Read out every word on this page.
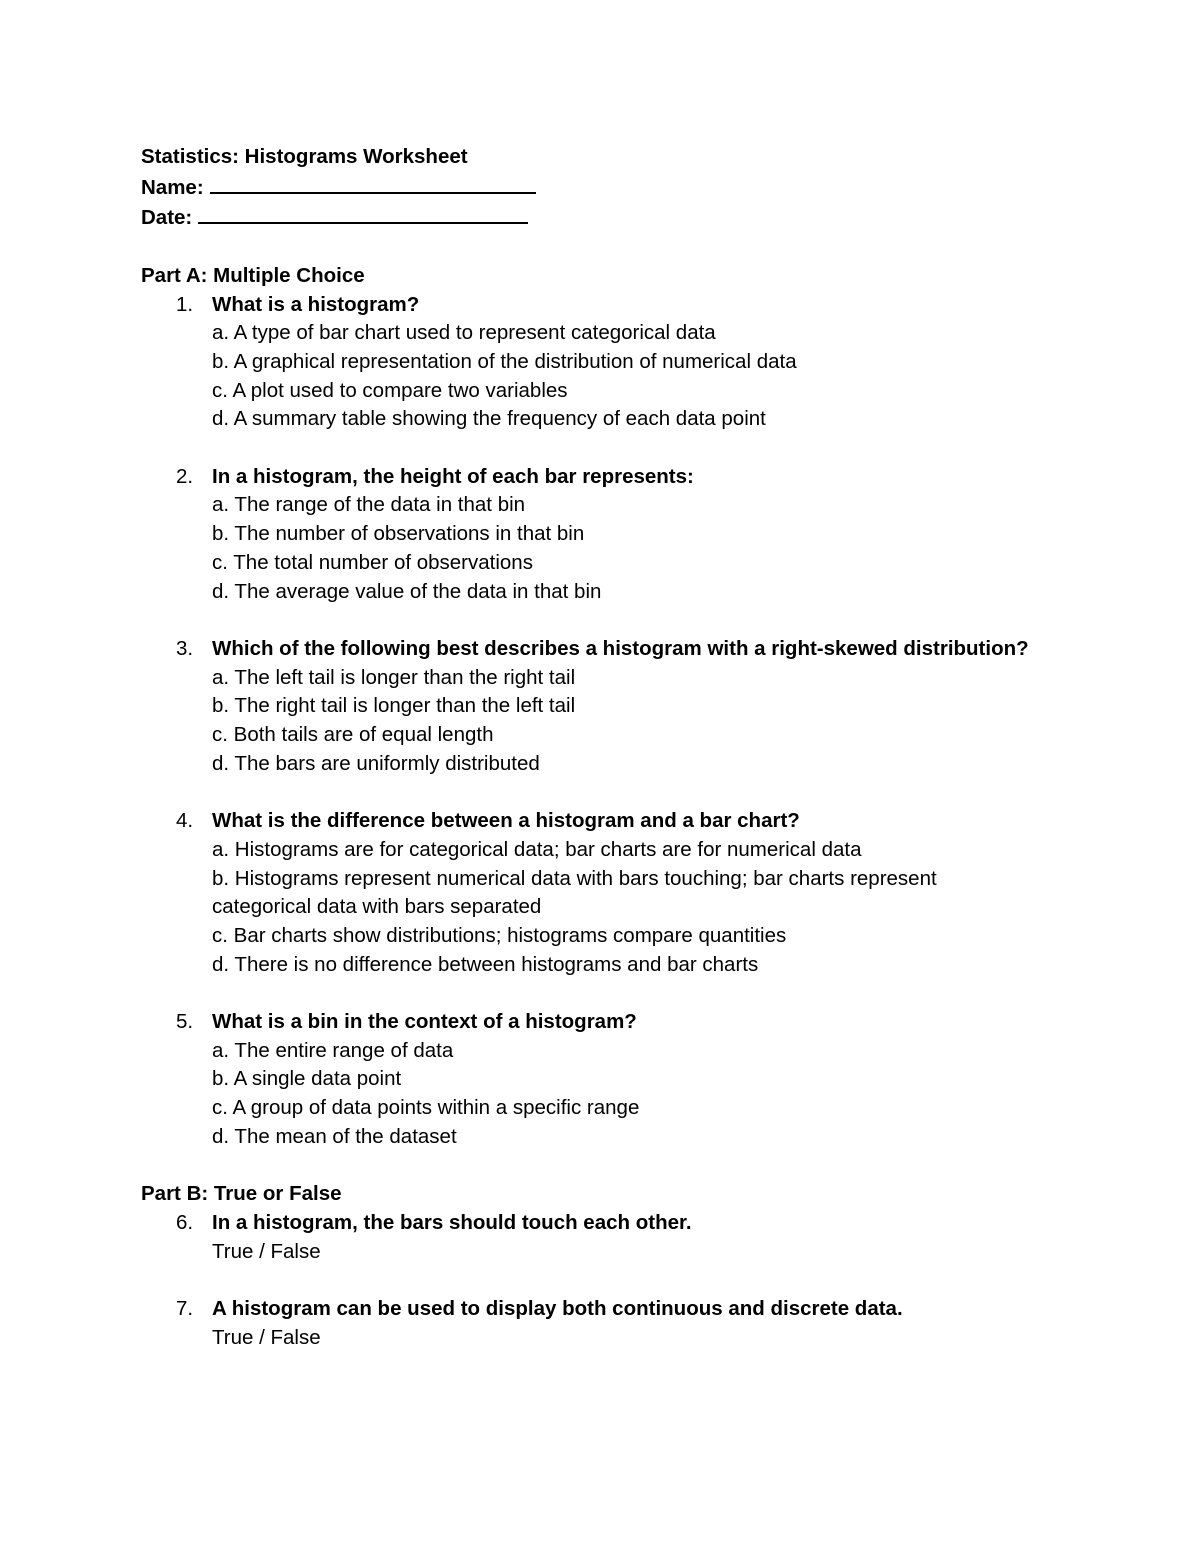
Statistics: Histograms Worksheet
Name:
Date:
Part A: Multiple Choice
1. What is a histogram?
a. A type of bar chart used to represent categorical data
b. A graphical representation of the distribution of numerical data
c. A plot used to compare two variables
d. A summary table showing the frequency of each data point
2. In a histogram, the height of each bar represents:
a. The range of the data in that bin
b. The number of observations in that bin
c. The total number of observations
d. The average value of the data in that bin
3. Which of the following best describes a histogram with a right-skewed distribution?
a. The left tail is longer than the right tail
b. The right tail is longer than the left tail
c. Both tails are of equal length
d. The bars are uniformly distributed
4. What is the difference between a histogram and a bar chart?
a. Histograms are for categorical data; bar charts are for numerical data
b. Histograms represent numerical data with bars touching; bar charts represent categorical data with bars separated
c. Bar charts show distributions; histograms compare quantities
d. There is no difference between histograms and bar charts
5. What is a bin in the context of a histogram?
a. The entire range of data
b. A single data point
c. A group of data points within a specific range
d. The mean of the dataset
Part B: True or False
6. In a histogram, the bars should touch each other.
True / False
7. A histogram can be used to display both continuous and discrete data.
True / False
